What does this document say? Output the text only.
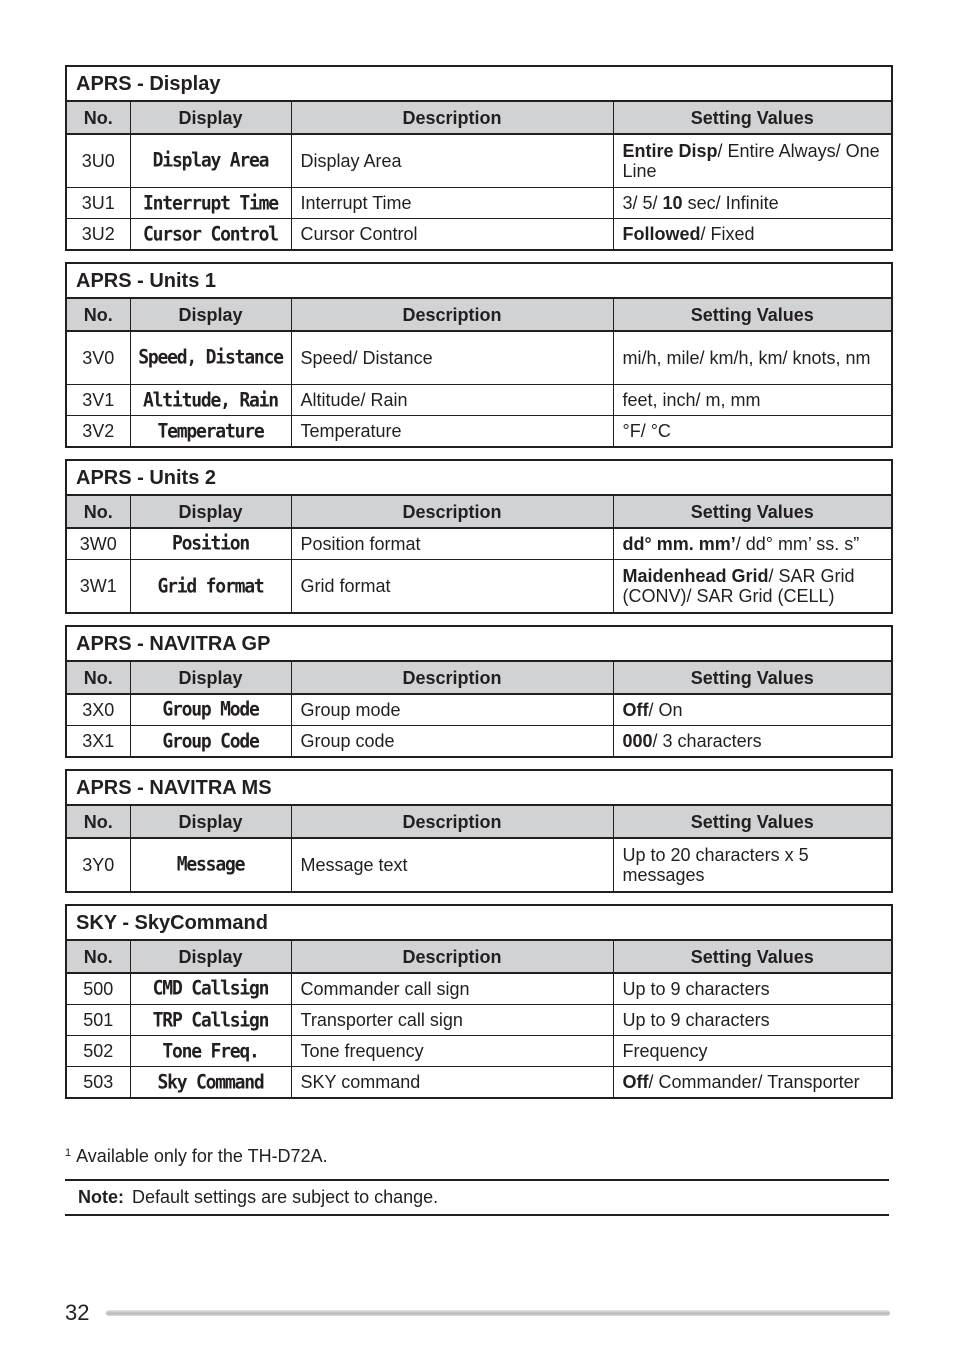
APRS - Display			
No.	Display	Description	Setting Values
3U0	Display Area	Display Area	Entire Disp/ Entire Always/ One Line
3U1	Interrupt Time	Interrupt Time	3/ 5/ 10 sec/ Infinite
3U2	Cursor Control	Cursor Control	Followed/ Fixed
APRS - Units 1			
No.	Display	Description	Setting Values
3V0	Speed, Distance	Speed/ Distance	mi/h, mile/ km/h, km/ knots, nm
3V1	Altitude, Rain	Altitude/ Rain	feet, inch/ m, mm
3V2	Temperature	Temperature	°F/ °C
APRS - Units 2			
No.	Display	Description	Setting Values
3W0	Position	Position format	dd° mm. mm’/ dd° mm’ ss. s”
3W1	Grid format	Grid format	Maidenhead Grid/ SAR Grid (CONV)/ SAR Grid (CELL)
APRS - NAVITRA GP			
No.	Display	Description	Setting Values
3X0	Group Mode	Group mode	Off/ On
3X1	Group Code	Group code	000/ 3 characters
APRS - NAVITRA MS			
No.	Display	Description	Setting Values
3Y0	Message	Message text	Up to 20 characters x 5 messages
SKY - SkyCommand			
No.	Display	Description	Setting Values
500	CMD Callsign	Commander call sign	Up to 9 characters
501	TRP Callsign	Transporter call sign	Up to 9 characters
502	Tone Freq.	Tone frequency	Frequency
503	Sky Command	SKY command	Off/ Commander/ Transporter
$^1$ Available only for the TH-D72A.
Note: Default settings are subject to change.
32
